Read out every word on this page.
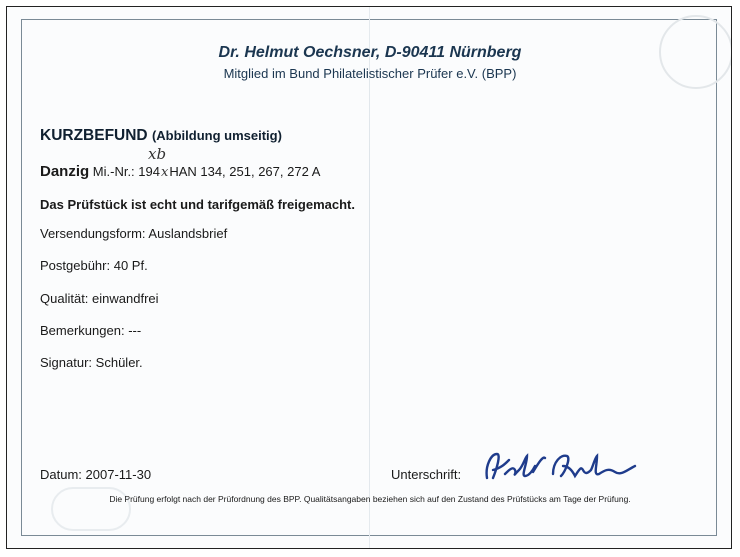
Dr. Helmut Oechsner, D-90411 Nürnberg
Mitglied im Bund Philatelistischer Prüfer e.V. (BPP)
KURZBEFUND (Abbildung umseitig)
xb
Danzig Mi.-Nr.: 194xHAN 134, 251, 267, 272 A
Das Prüfstück ist echt und tarifgemäß freigemacht.
Versendungsform: Auslandsbrief
Postgebühr: 40 Pf.
Qualität: einwandfrei
Bemerkungen: ---
Signatur: Schüler.
Datum: 2007-11-30	Unterschrift:
Die Prüfung erfolgt nach der Prüfordnung des BPP. Qualitätsangaben beziehen sich auf den Zustand des Prüfstücks am Tage der Prüfung.
